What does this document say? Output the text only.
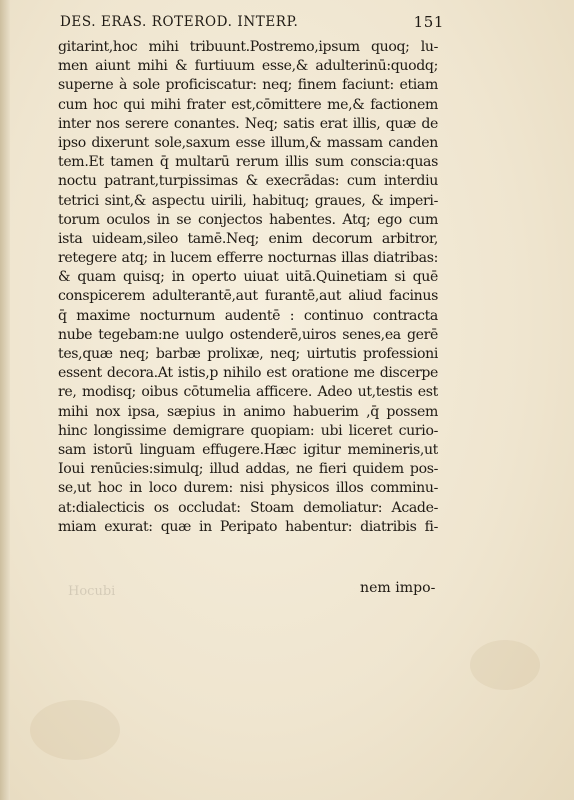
DES. ERAS. ROTEROD. INTERP.	151
gitarint,hoc mihi tribuunt.Postremo,ipsum quoq; lu-
men aiunt mihi & furtiuum esse,& adulterinū:quodq;
superne à sole proficiscatur: neq; finem faciunt: etiam
cum hoc qui mihi frater est,cōmittere me,& factionem
inter nos serere conantes. Neq; satis erat illis, quæ de
ipso dixerunt sole,saxum esse illum,& massam canden
tem.Et tamen q̄ multarū rerum illis sum conscia:quas
noctu patrant,turpissimas & execrādas: cum interdiu
tetrici sint,& aspectu uirili, habituq; graues, & imperi-
torum oculos in se conjectos habentes. Atq; ego cum
ista uideam,sileo tamē.Neq; enim decorum arbitror,
retegere atq; in lucem efferre nocturnas illas diatribas:
& quam quisq; in operto uiuat uitā.Quinetiam si quē
conspicerem adulterantē,aut furantē,aut aliud facinus
q̄ maxime nocturnum audentē : continuo contracta
nube tegebam:ne uulgo ostenderē,uiros senes,ea gerē
tes,quæ neq; barbæ prolixæ, neq; uirtutis professioni
essent decora.At istis,p nihilo est oratione me discerpe
re, modisq; oibus cōtumelia afficere. Adeo ut,testis est
mihi nox ipsa, sæpius in animo habuerim ,q̄ possem
hinc longissime demigrare quopiam: ubi liceret curio-
sam istorū linguam effugere.Hæc igitur memineris,ut
Ioui renūcies:simulq; illud addas, ne fieri quidem pos-
se,ut hoc in loco durem: nisi physicos illos comminu-
at:dialecticis os occludat: Stoam demoliatur: Acade-
miam exurat: quæ in Peripato habentur: diatribis fi-
Hocubi	nem impo-
